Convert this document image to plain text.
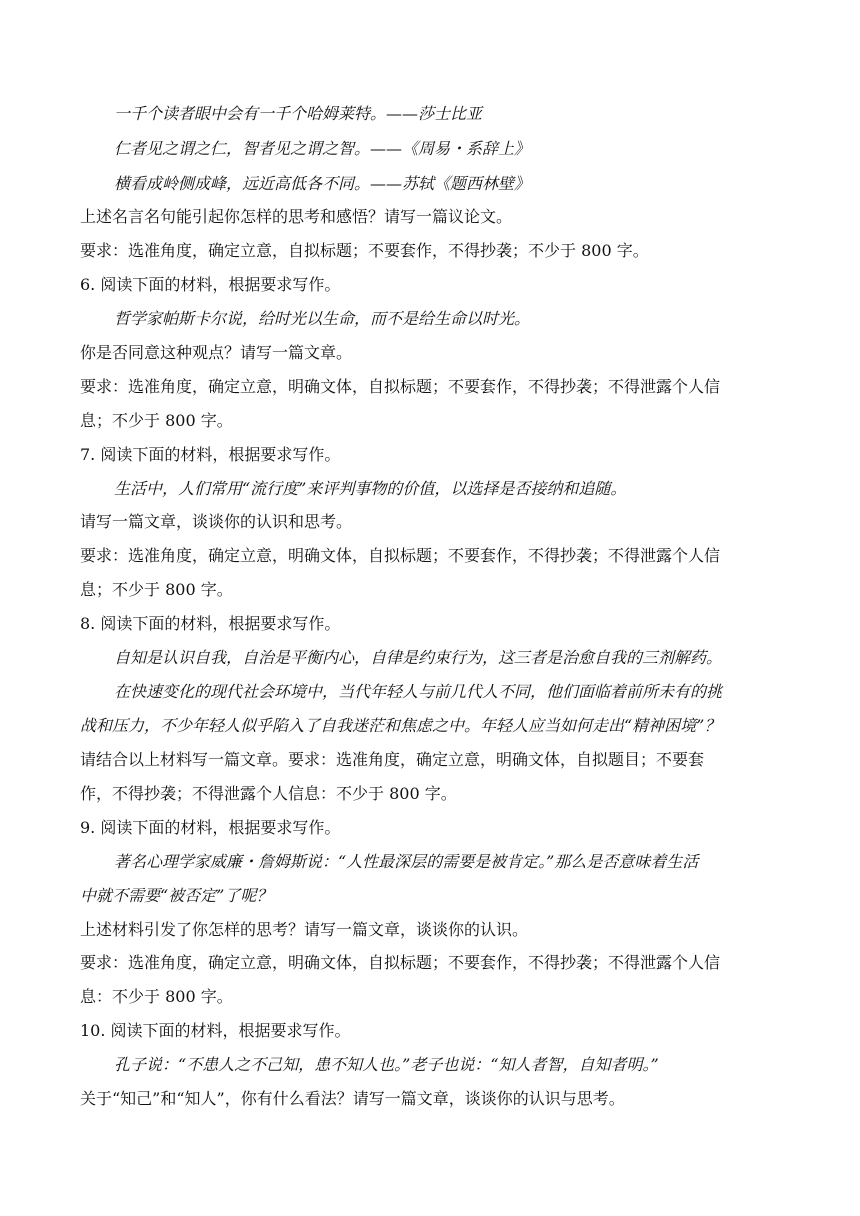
一千个读者眼中会有一千个哈姆莱特。——莎士比亚
仁者见之谓之仁，智者见之谓之智。——《周易・系辞上》
横看成岭侧成峰，远近高低各不同。——苏轼《题西林壁》
上述名言名句能引起你怎样的思考和感悟？请写一篇议论文。
要求：选准角度，确定立意，自拟标题；不要套作，不得抄袭；不少于 800 字。
6. 阅读下面的材料，根据要求写作。
哲学家帕斯卡尔说，给时光以生命，而不是给生命以时光。
你是否同意这种观点？请写一篇文章。
要求：选准角度，确定立意，明确文体，自拟标题；不要套作，不得抄袭；不得泄露个人信
息；不少于 800 字。
7. 阅读下面的材料，根据要求写作。
生活中，人们常用“流行度”来评判事物的价值，以选择是否接纳和追随。
请写一篇文章，谈谈你的认识和思考。
要求：选准角度，确定立意，明确文体，自拟标题；不要套作，不得抄袭；不得泄露个人信
息；不少于 800 字。
8. 阅读下面的材料，根据要求写作。
自知是认识自我，自治是平衡内心，自律是约束行为，这三者是治愈自我的三剂解药。
在快速变化的现代社会环境中，当代年轻人与前几代人不同，他们面临着前所未有的挑
战和压力，不少年轻人似乎陷入了自我迷茫和焦虑之中。年轻人应当如何走出“精神困境”？
请结合以上材料写一篇文章。要求：选准角度，确定立意，明确文体，自拟题目；不要套
作，不得抄袭；不得泄露个人信息：不少于 800 字。
9. 阅读下面的材料，根据要求写作。
著名心理学家威廉・詹姆斯说：“人性最深层的需要是被肯定。”那么是否意味着生活
中就不需要“被否定”了呢？
上述材料引发了你怎样的思考？请写一篇文章，谈谈你的认识。
要求：选准角度，确定立意，明确文体，自拟标题；不要套作，不得抄袭；不得泄露个人信
息：不少于 800 字。
10. 阅读下面的材料，根据要求写作。
孔子说：“不患人之不己知，患不知人也。”老子也说：“知人者智，自知者明。”
关于“知己”和“知人”，你有什么看法？请写一篇文章，谈谈你的认识与思考。
